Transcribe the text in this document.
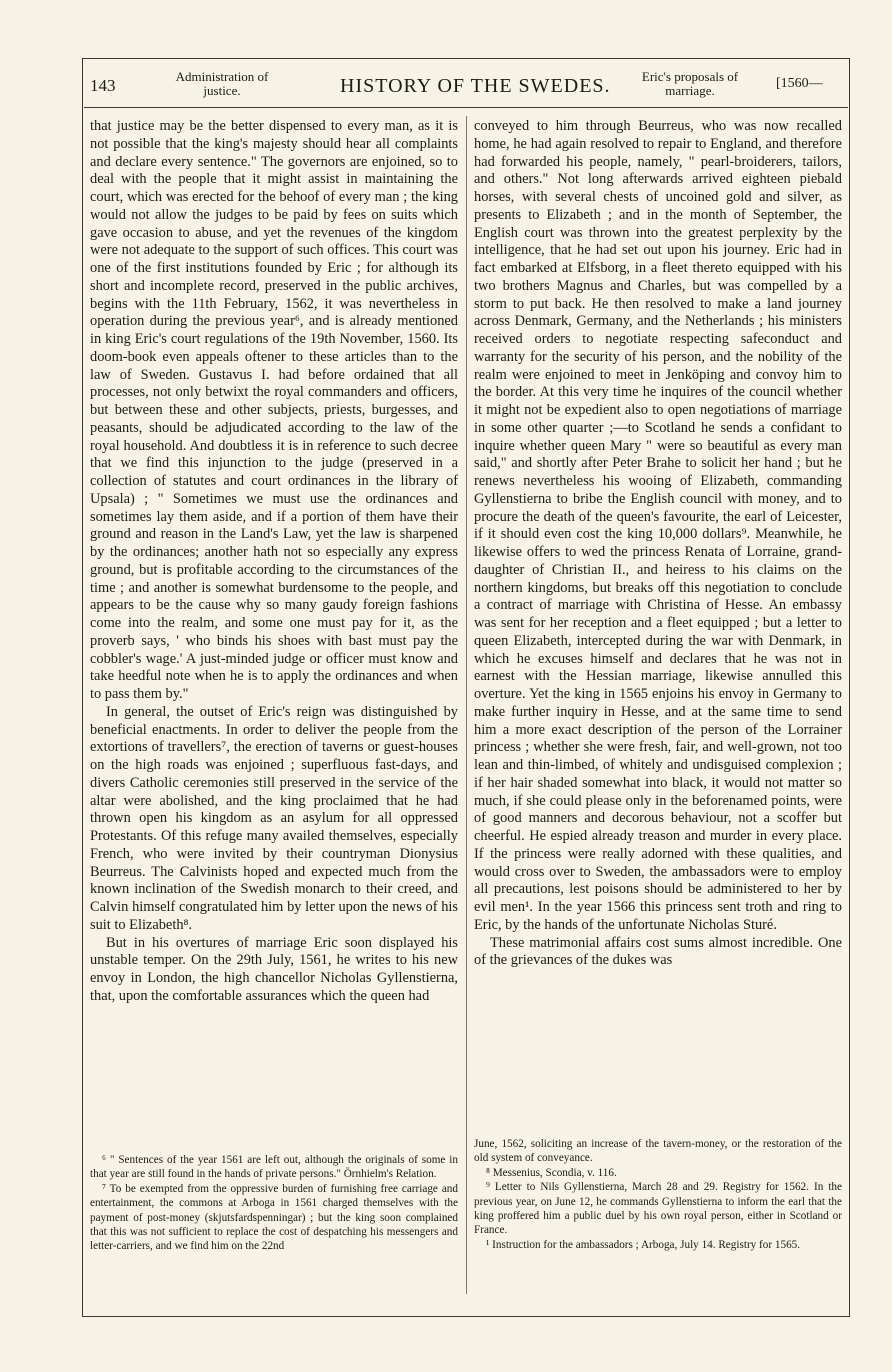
143	Administration of justice.	HISTORY OF THE SWEDES.	Eric's proposals of marriage.	[1560—

that justice may be the better dispensed to every man, as it is not possible that the king's majesty should hear all complaints and declare every sentence." The governors are enjoined, so to deal with the people that it might assist in maintaining the court, which was erected for the behoof of every man ; the king would not allow the judges to be paid by fees on suits which gave occasion to abuse, and yet the revenues of the kingdom were not adequate to the support of such offices. This court was one of the first institutions founded by Eric ; for although its short and incomplete record, preserved in the public archives, begins with the 11th February, 1562, it was nevertheless in operation during the previous year⁶, and is already mentioned in king Eric's court regulations of the 19th November, 1560. Its doom-book even appeals oftener to these articles than to the law of Sweden. Gustavus I. had before ordained that all processes, not only betwixt the royal commanders and officers, but between these and other subjects, priests, burgesses, and peasants, should be adjudicated according to the law of the royal household. And doubtless it is in reference to such decree that we find this injunction to the judge (preserved in a collection of statutes and court ordinances in the library of Upsala) ; " Sometimes we must use the ordinances and sometimes lay them aside, and if a portion of them have their ground and reason in the Land's Law, yet the law is sharpened by the ordinances; another hath not so especially any express ground, but is profitable according to the circumstances of the time ; and another is somewhat burdensome to the people, and appears to be the cause why so many gaudy foreign fashions come into the realm, and some one must pay for it, as the proverb says, ' who binds his shoes with bast must pay the cobbler's wage.' A just-minded judge or officer must know and take heedful note when he is to apply the ordinances and when to pass them by."

In general, the outset of Eric's reign was distinguished by beneficial enactments. In order to deliver the people from the extortions of travellers⁷, the erection of taverns or guest-houses on the high roads was enjoined ; superfluous fast-days, and divers Catholic ceremonies still preserved in the service of the altar were abolished, and the king proclaimed that he had thrown open his kingdom as an asylum for all oppressed Protestants. Of this refuge many availed themselves, especially French, who were invited by their countryman Dionysius Beurreus. The Calvinists hoped and expected much from the known inclination of the Swedish monarch to their creed, and Calvin himself congratulated him by letter upon the news of his suit to Elizabeth⁸.

But in his overtures of marriage Eric soon displayed his unstable temper. On the 29th July, 1561, he writes to his new envoy in London, the high chancellor Nicholas Gyllenstierna, that, upon the comfortable assurances which the queen had

conveyed to him through Beurreus, who was now recalled home, he had again resolved to repair to England, and therefore had forwarded his people, namely, " pearl-broiderers, tailors, and others." Not long afterwards arrived eighteen piebald horses, with several chests of uncoined gold and silver, as presents to Elizabeth ; and in the month of September, the English court was thrown into the greatest perplexity by the intelligence, that he had set out upon his journey. Eric had in fact embarked at Elfsborg, in a fleet thereto equipped with his two brothers Magnus and Charles, but was compelled by a storm to put back. He then resolved to make a land journey across Denmark, Germany, and the Netherlands ; his ministers received orders to negotiate respecting safeconduct and warranty for the security of his person, and the nobility of the realm were enjoined to meet in Jenköping and convoy him to the border. At this very time he inquires of the council whether it might not be expedient also to open negotiations of marriage in some other quarter ;—to Scotland he sends a confidant to inquire whether queen Mary " were so beautiful as every man said," and shortly after Peter Brahe to solicit her hand ; but he renews nevertheless his wooing of Elizabeth, commanding Gyllenstierna to bribe the English council with money, and to procure the death of the queen's favourite, the earl of Leicester, if it should even cost the king 10,000 dollars⁹. Meanwhile, he likewise offers to wed the princess Renata of Lorraine, grand-daughter of Christian II., and heiress to his claims on the northern kingdoms, but breaks off this negotiation to conclude a contract of marriage with Christina of Hesse. An embassy was sent for her reception and a fleet equipped ; but a letter to queen Elizabeth, intercepted during the war with Denmark, in which he excuses himself and declares that he was not in earnest with the Hessian marriage, likewise annulled this overture. Yet the king in 1565 enjoins his envoy in Germany to make further inquiry in Hesse, and at the same time to send him a more exact description of the person of the Lorrainer princess ; whether she were fresh, fair, and well-grown, not too lean and thin-limbed, of whitely and undisguised complexion ; if her hair shaded somewhat into black, it would not matter so much, if she could please only in the beforenamed points, were of good manners and decorous behaviour, not a scoffer but cheerful. He espied already treason and murder in every place. If the princess were really adorned with these qualities, and would cross over to Sweden, the ambassadors were to employ all precautions, lest poisons should be administered to her by evil men¹. In the year 1566 this princess sent troth and ring to Eric, by the hands of the unfortunate Nicholas Sturé.

These matrimonial affairs cost sums almost incredible. One of the grievances of the dukes was

⁶ " Sentences of the year 1561 are left out, although the originals of some in that year are still found in the hands of private persons." Örnhielm's Relation.

⁷ To be exempted from the oppressive burden of furnishing free carriage and entertainment, the commons at Arboga in 1561 charged themselves with the payment of post-money (skjutsfardspenningar) ; but the king soon complained that this was not sufficient to replace the cost of despatching his messengers and letter-carriers, and we find him on the 22nd

June, 1562, soliciting an increase of the tavern-money, or the restoration of the old system of conveyance.

⁸ Messenius, Scondia, v. 116.

⁹ Letter to Nils Gyllenstierna, March 28 and 29. Registry for 1562. In the previous year, on June 12, he commands Gyllenstierna to inform the earl that the king proffered him a public duel by his own royal person, either in Scotland or France.

¹ Instruction for the ambassadors ; Arboga, July 14. Registry for 1565.
